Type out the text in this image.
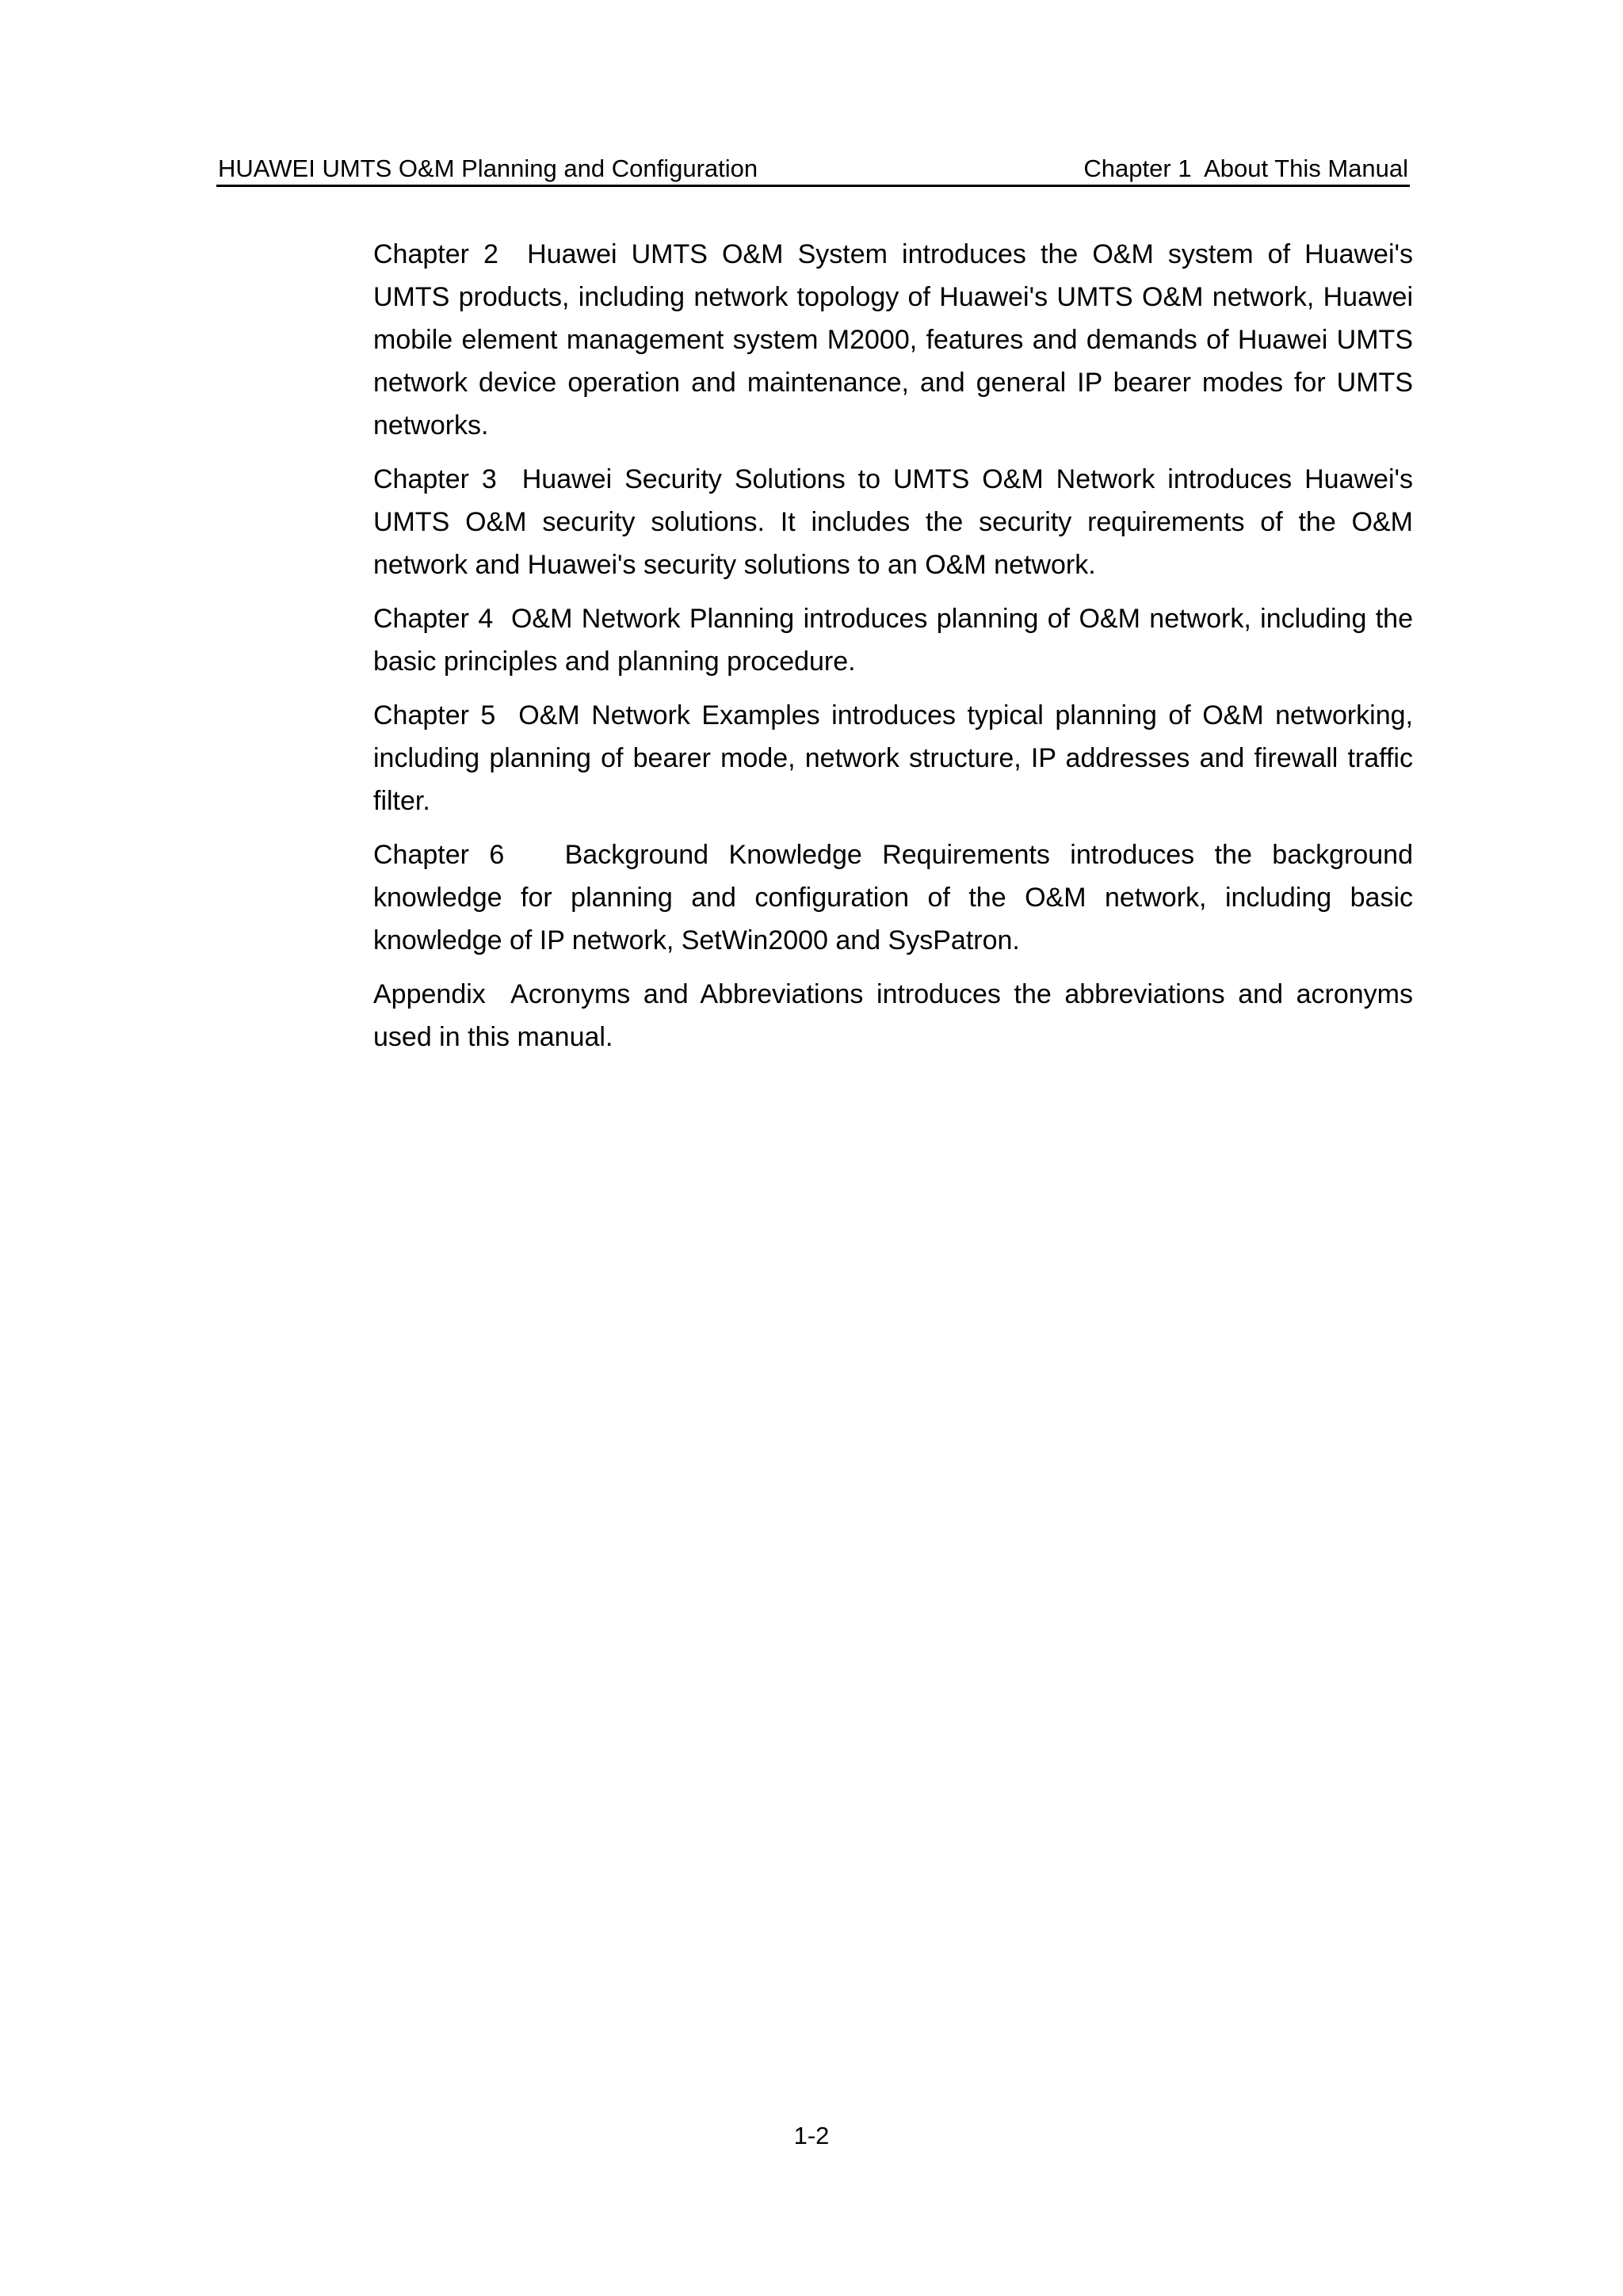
HUAWEI UMTS O&M Planning and Configuration	Chapter 1  About This Manual

Chapter 2  Huawei UMTS O&M System introduces the O&M system of Huawei's UMTS products, including network topology of Huawei's UMTS O&M network, Huawei mobile element management system M2000, features and demands of Huawei UMTS network device operation and maintenance, and general IP bearer modes for UMTS networks.

Chapter 3  Huawei Security Solutions to UMTS O&M Network introduces Huawei's UMTS O&M security solutions. It includes the security requirements of the O&M network and Huawei's security solutions to an O&M network.

Chapter 4  O&M Network Planning introduces planning of O&M network, including the basic principles and planning procedure.

Chapter 5  O&M Network Examples introduces typical planning of O&M networking, including planning of bearer mode, network structure, IP addresses and firewall traffic filter.

Chapter 6   Background Knowledge Requirements introduces the background knowledge for planning and configuration of the O&M network, including basic knowledge of IP network, SetWin2000 and SysPatron.

Appendix  Acronyms and Abbreviations introduces the abbreviations and acronyms used in this manual.

1-2
